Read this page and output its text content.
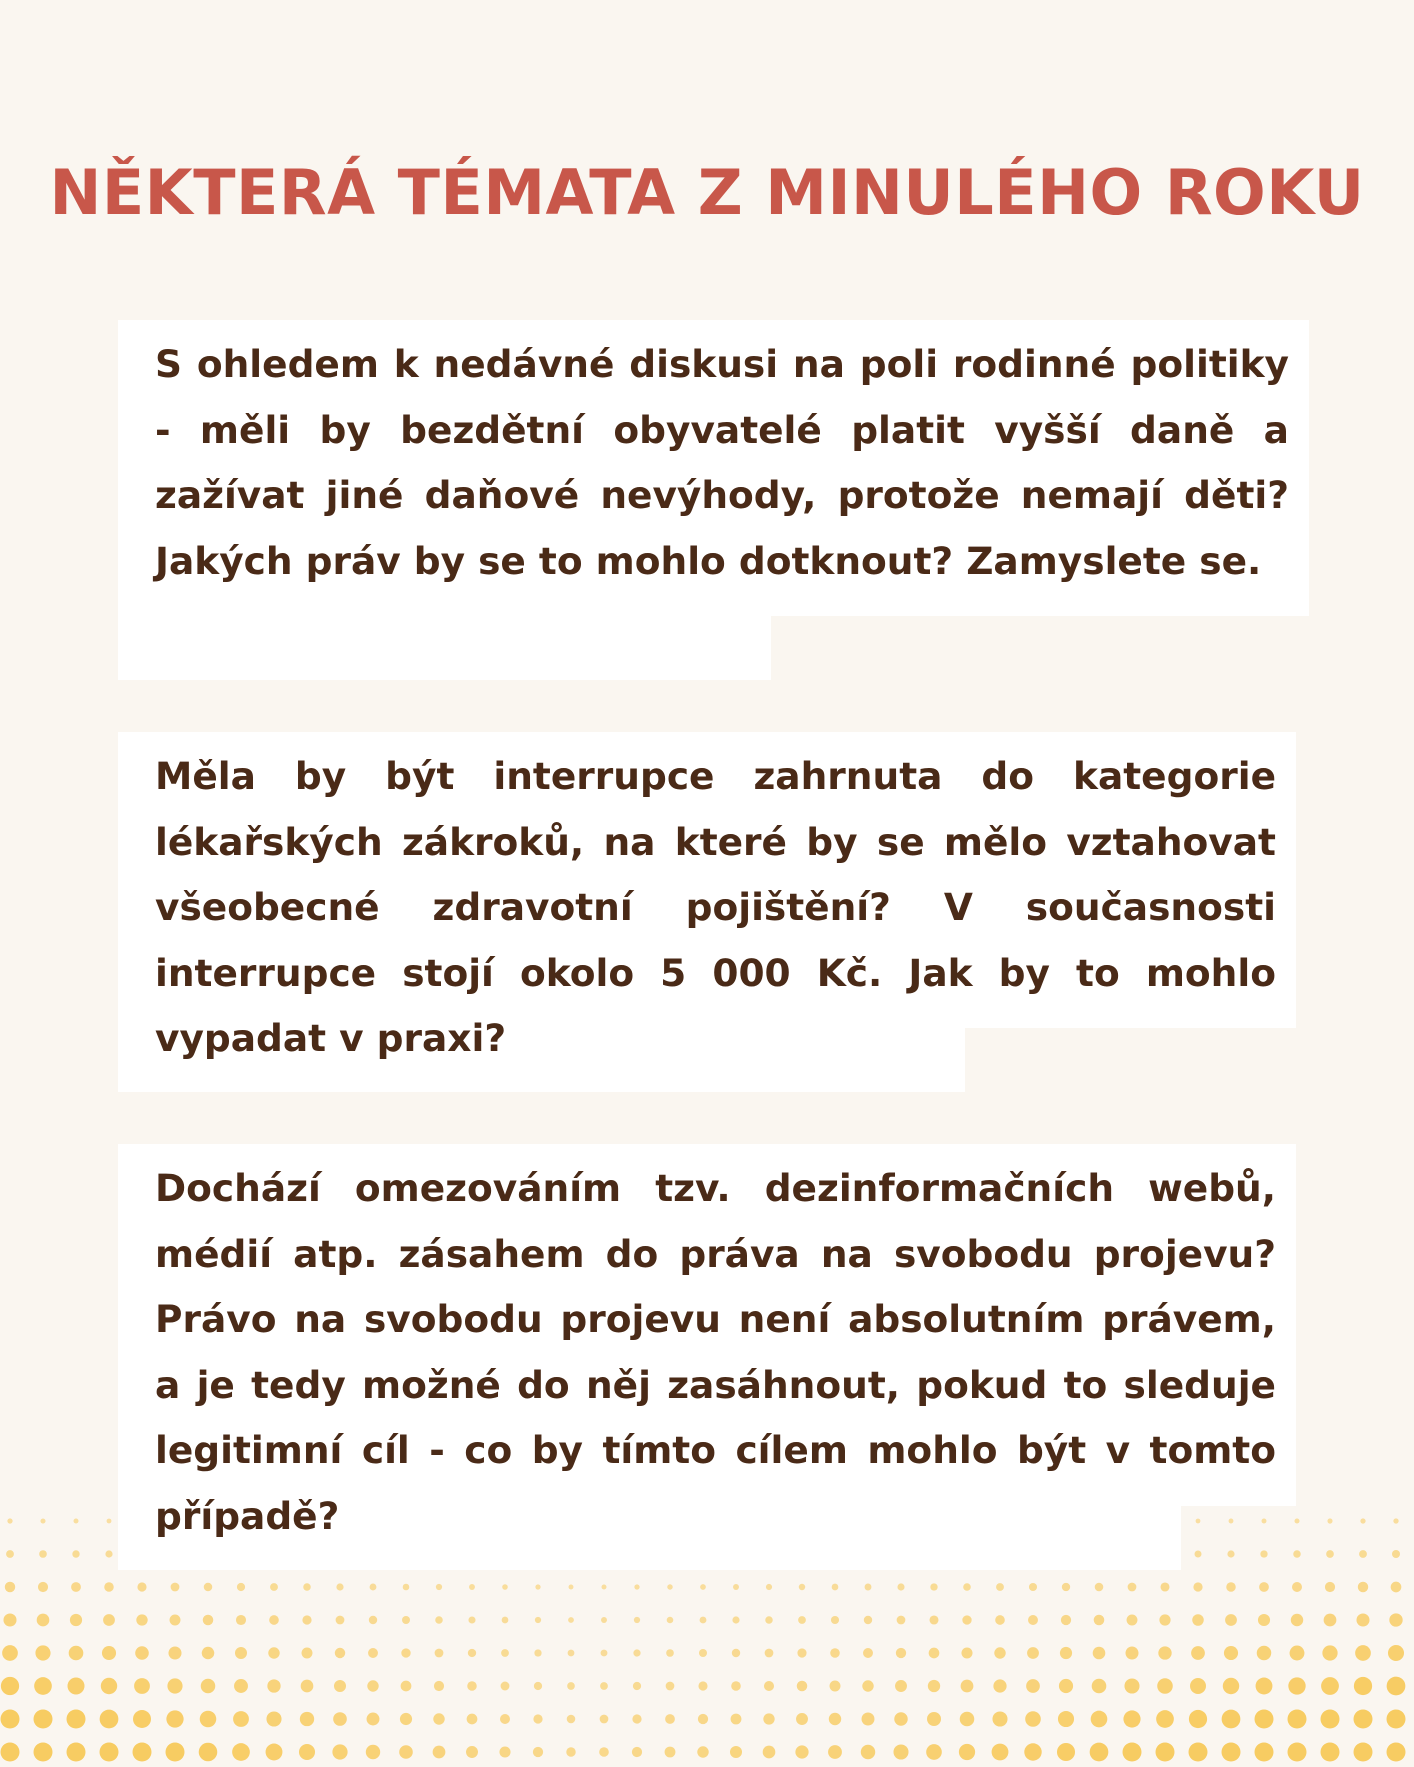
NĚKTERÁ TÉMATA Z MINULÉHO ROKU

S ohledem k nedávné diskusi na poli rodinné politiky - měli by bezdětní obyvatelé platit vyšší daně a zažívat jiné daňové nevýhody, protože nemají děti? Jakých práv by se to mohlo dotknout? Zamyslete se.

Měla by být interrupce zahrnuta do kategorie lékařských zákroků, na které by se mělo vztahovat všeobecné zdravotní pojištění? V současnosti interrupce stojí okolo 5 000 Kč. Jak by to mohlo vypadat v praxi?

Dochází omezováním tzv. dezinformačních webů, médií atp. zásahem do práva na svobodu projevu? Právo na svobodu projevu není absolutním právem, a je tedy možné do něj zasáhnout, pokud to sleduje legitimní cíl - co by tímto cílem mohlo být v tomto případě?
